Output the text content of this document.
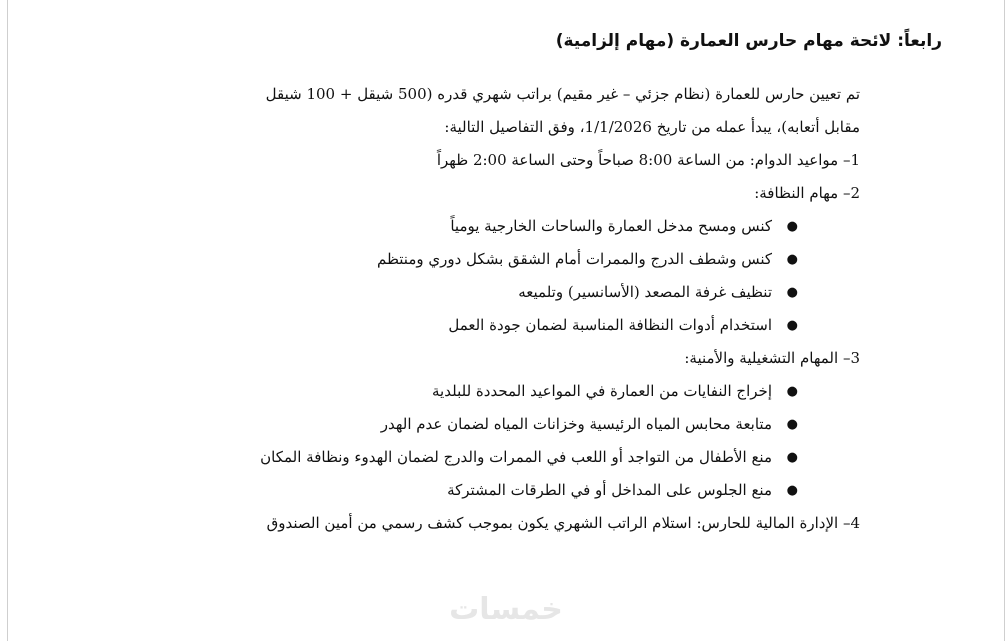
رابعاً: لائحة مهام حارس العمارة (مهام إلزامية)
تم تعيين حارس للعمارة (نظام جزئي – غير مقيم) براتب شهري قدره (500 شيقل + 100 شيقل
مقابل أتعابه)، يبدأ عمله من تاريخ 1/1/2026، وفق التفاصيل التالية:
1– مواعيد الدوام: من الساعة 8:00 صباحاً وحتى الساعة 2:00 ظهراً
2– مهام النظافة:
●
كنس ومسح مدخل العمارة والساحات الخارجية يومياً
●
كنس وشطف الدرج والممرات أمام الشقق بشكل دوري ومنتظم
●
تنظيف غرفة المصعد (الأسانسير) وتلميعه
●
استخدام أدوات النظافة المناسبة لضمان جودة العمل
3– المهام التشغيلية والأمنية:
●
إخراج النفايات من العمارة في المواعيد المحددة للبلدية
●
متابعة محابس المياه الرئيسية وخزانات المياه لضمان عدم الهدر
●
منع الأطفال من التواجد أو اللعب في الممرات والدرج لضمان الهدوء ونظافة المكان
●
منع الجلوس على المداخل أو في الطرقات المشتركة
4– الإدارة المالية للحارس: استلام الراتب الشهري يكون بموجب كشف رسمي من أمين الصندوق
خمسات
